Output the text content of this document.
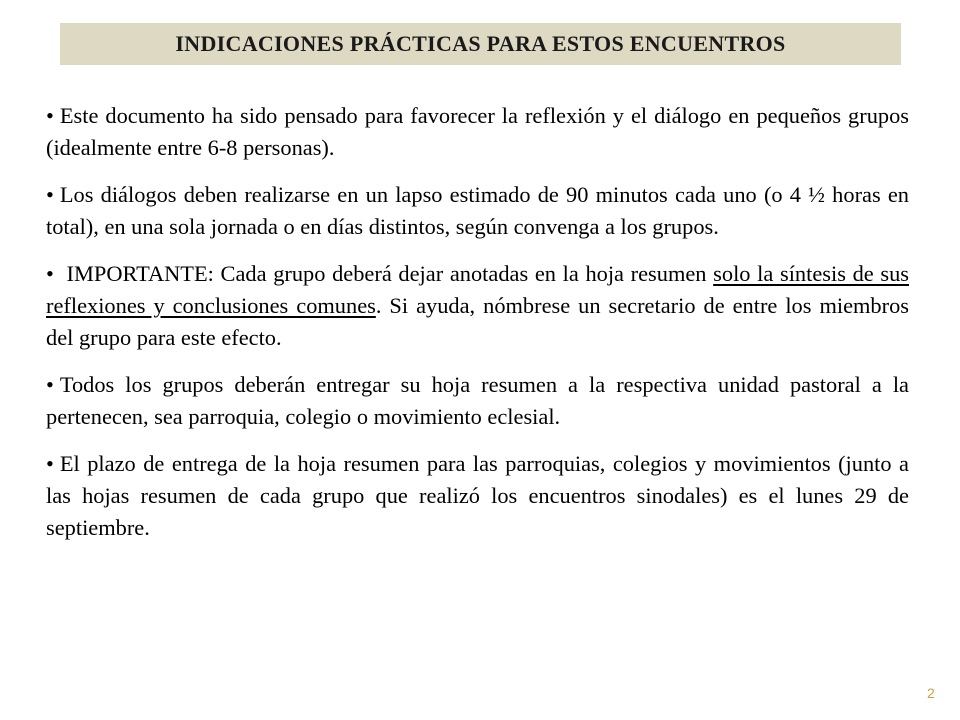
INDICACIONES PRÁCTICAS PARA ESTOS ENCUENTROS

• Este documento ha sido pensado para favorecer la reflexión y el diálogo en pequeños grupos (idealmente entre 6-8 personas).

• Los diálogos deben realizarse en un lapso estimado de 90 minutos cada uno (o 4 ½ horas en total), en una sola jornada o en días distintos, según convenga a los grupos.

• IMPORTANTE: Cada grupo deberá dejar anotadas en la hoja resumen solo la síntesis de sus reflexiones y conclusiones comunes. Si ayuda, nómbrese un secretario de entre los miembros del grupo para este efecto.

• Todos los grupos deberán entregar su hoja resumen a la respectiva unidad pastoral a la pertenecen, sea parroquia, colegio o movimiento eclesial.

• El plazo de entrega de la hoja resumen para las parroquias, colegios y movimientos (junto a las hojas resumen de cada grupo que realizó los encuentros sinodales) es el lunes 29 de septiembre.

2
